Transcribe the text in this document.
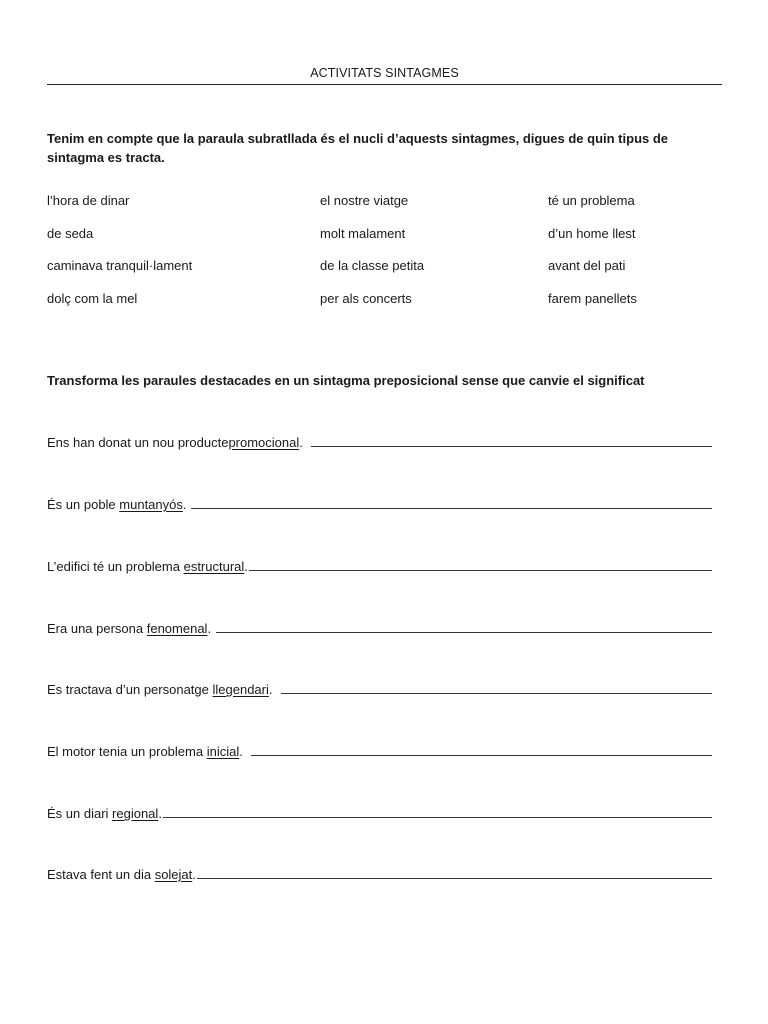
ACTIVITATS SINTAGMES
Tenim en compte que la paraula subratllada és el nucli d’aquests sintagmes, digues de quin tipus de sintagma es tracta.
l’hora de dinar	el nostre viatge	té un problema
de seda	molt malament	d’un home llest
caminava tranquil·lament	de la classe petita	avant del pati
dolç com la mel	per als concerts	farem panellets
Transforma les paraules destacades en un sintagma preposicional sense que canvie el significat
Ens han donat un nou producte promocional .
És un poble muntanyós .
L’edifici té un problema estructural .
Era una persona fenomenal .
Es tractava d’un personatge llegendari .
El motor tenia un problema inicial .
És un diari regional .
Estava fent un dia solejat .
